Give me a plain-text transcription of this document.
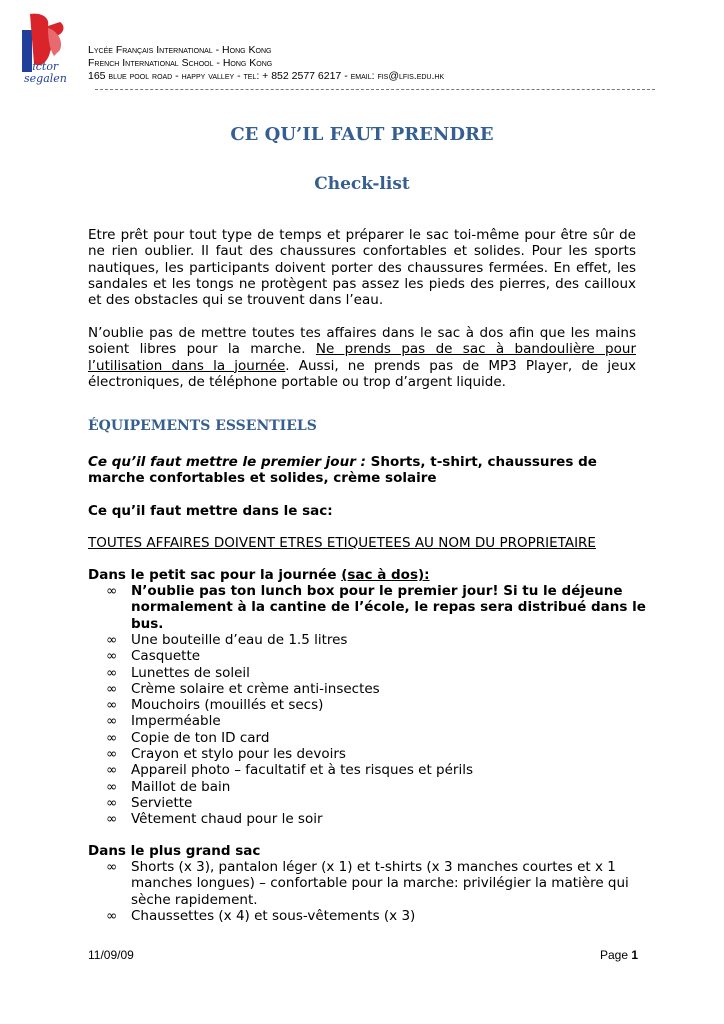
victor
segalen
Lycée Français International - Hong Kong
French International School - Hong Kong
165 blue pool road - happy valley - tel: + 852 2577 6217 - email: fis@lfis.edu.hk
CE QU’IL FAUT PRENDRE
Check-list
Etre prêt pour tout type de temps et préparer le sac toi-même pour être sûr de ne rien oublier. Il faut des chaussures confortables et solides. Pour les sports nautiques, les participants doivent porter des chaussures fermées. En effet, les sandales et les tongs ne protègent pas assez les pieds des pierres, des cailloux et des obstacles qui se trouvent dans l’eau.
N’oublie pas de mettre toutes tes affaires dans le sac à dos afin que les mains soient libres pour la marche. Ne prends pas de sac à bandoulière pour l’utilisation dans la journée. Aussi, ne prends pas de MP3 Player, de jeux électroniques, de téléphone portable ou trop d’argent liquide.
ÉQUIPEMENTS ESSENTIELS
Ce qu’il faut mettre le premier jour : Shorts, t-shirt, chaussures de
marche confortables et solides, crème solaire
Ce qu’il faut mettre dans le sac:
TOUTES AFFAIRES DOIVENT ETRES ETIQUETEES AU NOM DU PROPRIETAIRE
Dans le petit sac pour la journée (sac à dos):
∞ N’oublie pas ton lunch box pour le premier jour! Si tu le déjeune
normalement à la cantine de l’école, le repas sera distribué dans le
bus.
∞ Une bouteille d’eau de 1.5 litres
∞ Casquette
∞ Lunettes de soleil
∞ Crème solaire et crème anti-insectes
∞ Mouchoirs (mouillés et secs)
∞ Imperméable
∞ Copie de ton ID card
∞ Crayon et stylo pour les devoirs
∞ Appareil photo – facultatif et à tes risques et périls
∞ Maillot de bain
∞ Serviette
∞ Vêtement chaud pour le soir
Dans le plus grand sac
∞ Shorts (x 3), pantalon léger (x 1) et t-shirts (x 3 manches courtes et x 1
manches longues) – confortable pour la marche: privilégier la matière qui
sèche rapidement.
∞ Chaussettes (x 4) et sous-vêtements (x 3)
11/09/09	Page 1
